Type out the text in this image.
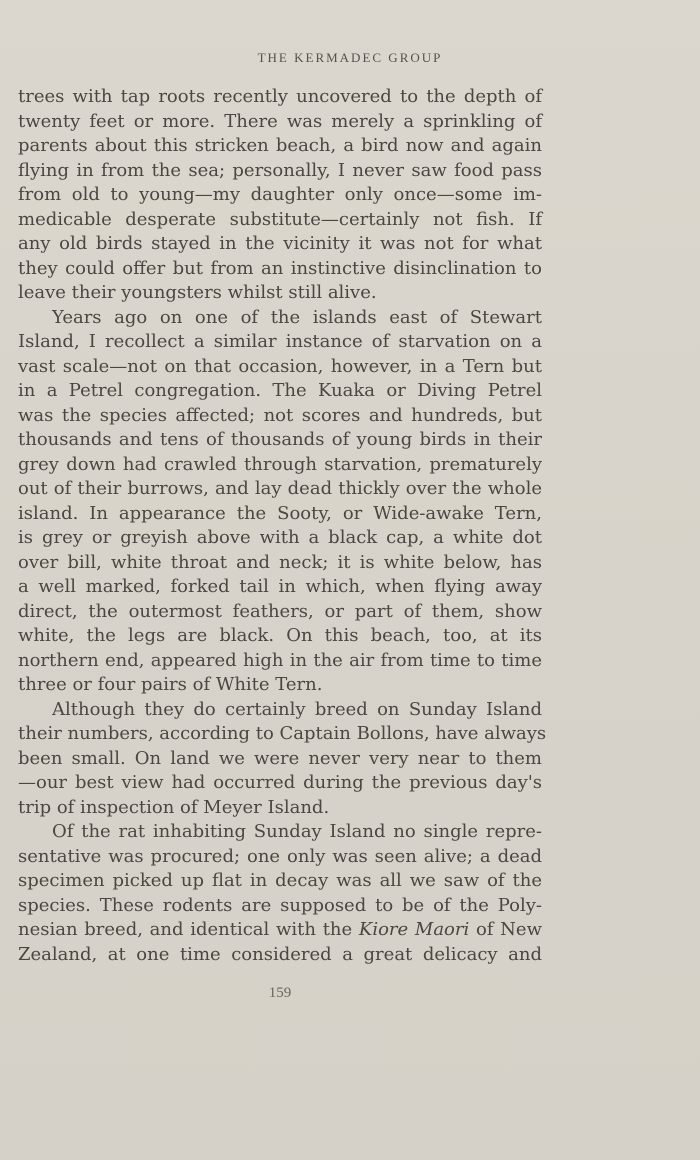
THE KERMADEC GROUP
trees with tap roots recently uncovered to the depth of
twenty feet or more. There was merely a sprinkling of
parents about this stricken beach, a bird now and again
flying in from the sea; personally, I never saw food pass
from old to young—my daughter only once—some im-
medicable desperate substitute—certainly not fish. If
any old birds stayed in the vicinity it was not for what
they could offer but from an instinctive disinclination to
leave their youngsters whilst still alive.
Years ago on one of the islands east of Stewart
Island, I recollect a similar instance of starvation on a
vast scale—not on that occasion, however, in a Tern but
in a Petrel congregation. The Kuaka or Diving Petrel
was the species affected; not scores and hundreds, but
thousands and tens of thousands of young birds in their
grey down had crawled through starvation, prematurely
out of their burrows, and lay dead thickly over the whole
island. In appearance the Sooty, or Wide-awake Tern,
is grey or greyish above with a black cap, a white dot
over bill, white throat and neck; it is white below, has
a well marked, forked tail in which, when flying away
direct, the outermost feathers, or part of them, show
white, the legs are black. On this beach, too, at its
northern end, appeared high in the air from time to time
three or four pairs of White Tern.
Although they do certainly breed on Sunday Island
their numbers, according to Captain Bollons, have always
been small. On land we were never very near to them
—our best view had occurred during the previous day's
trip of inspection of Meyer Island.
Of the rat inhabiting Sunday Island no single repre-
sentative was procured; one only was seen alive; a dead
specimen picked up flat in decay was all we saw of the
species. These rodents are supposed to be of the Poly-
nesian breed, and identical with the Kiore Maori of New
Zealand, at one time considered a great delicacy and
159
